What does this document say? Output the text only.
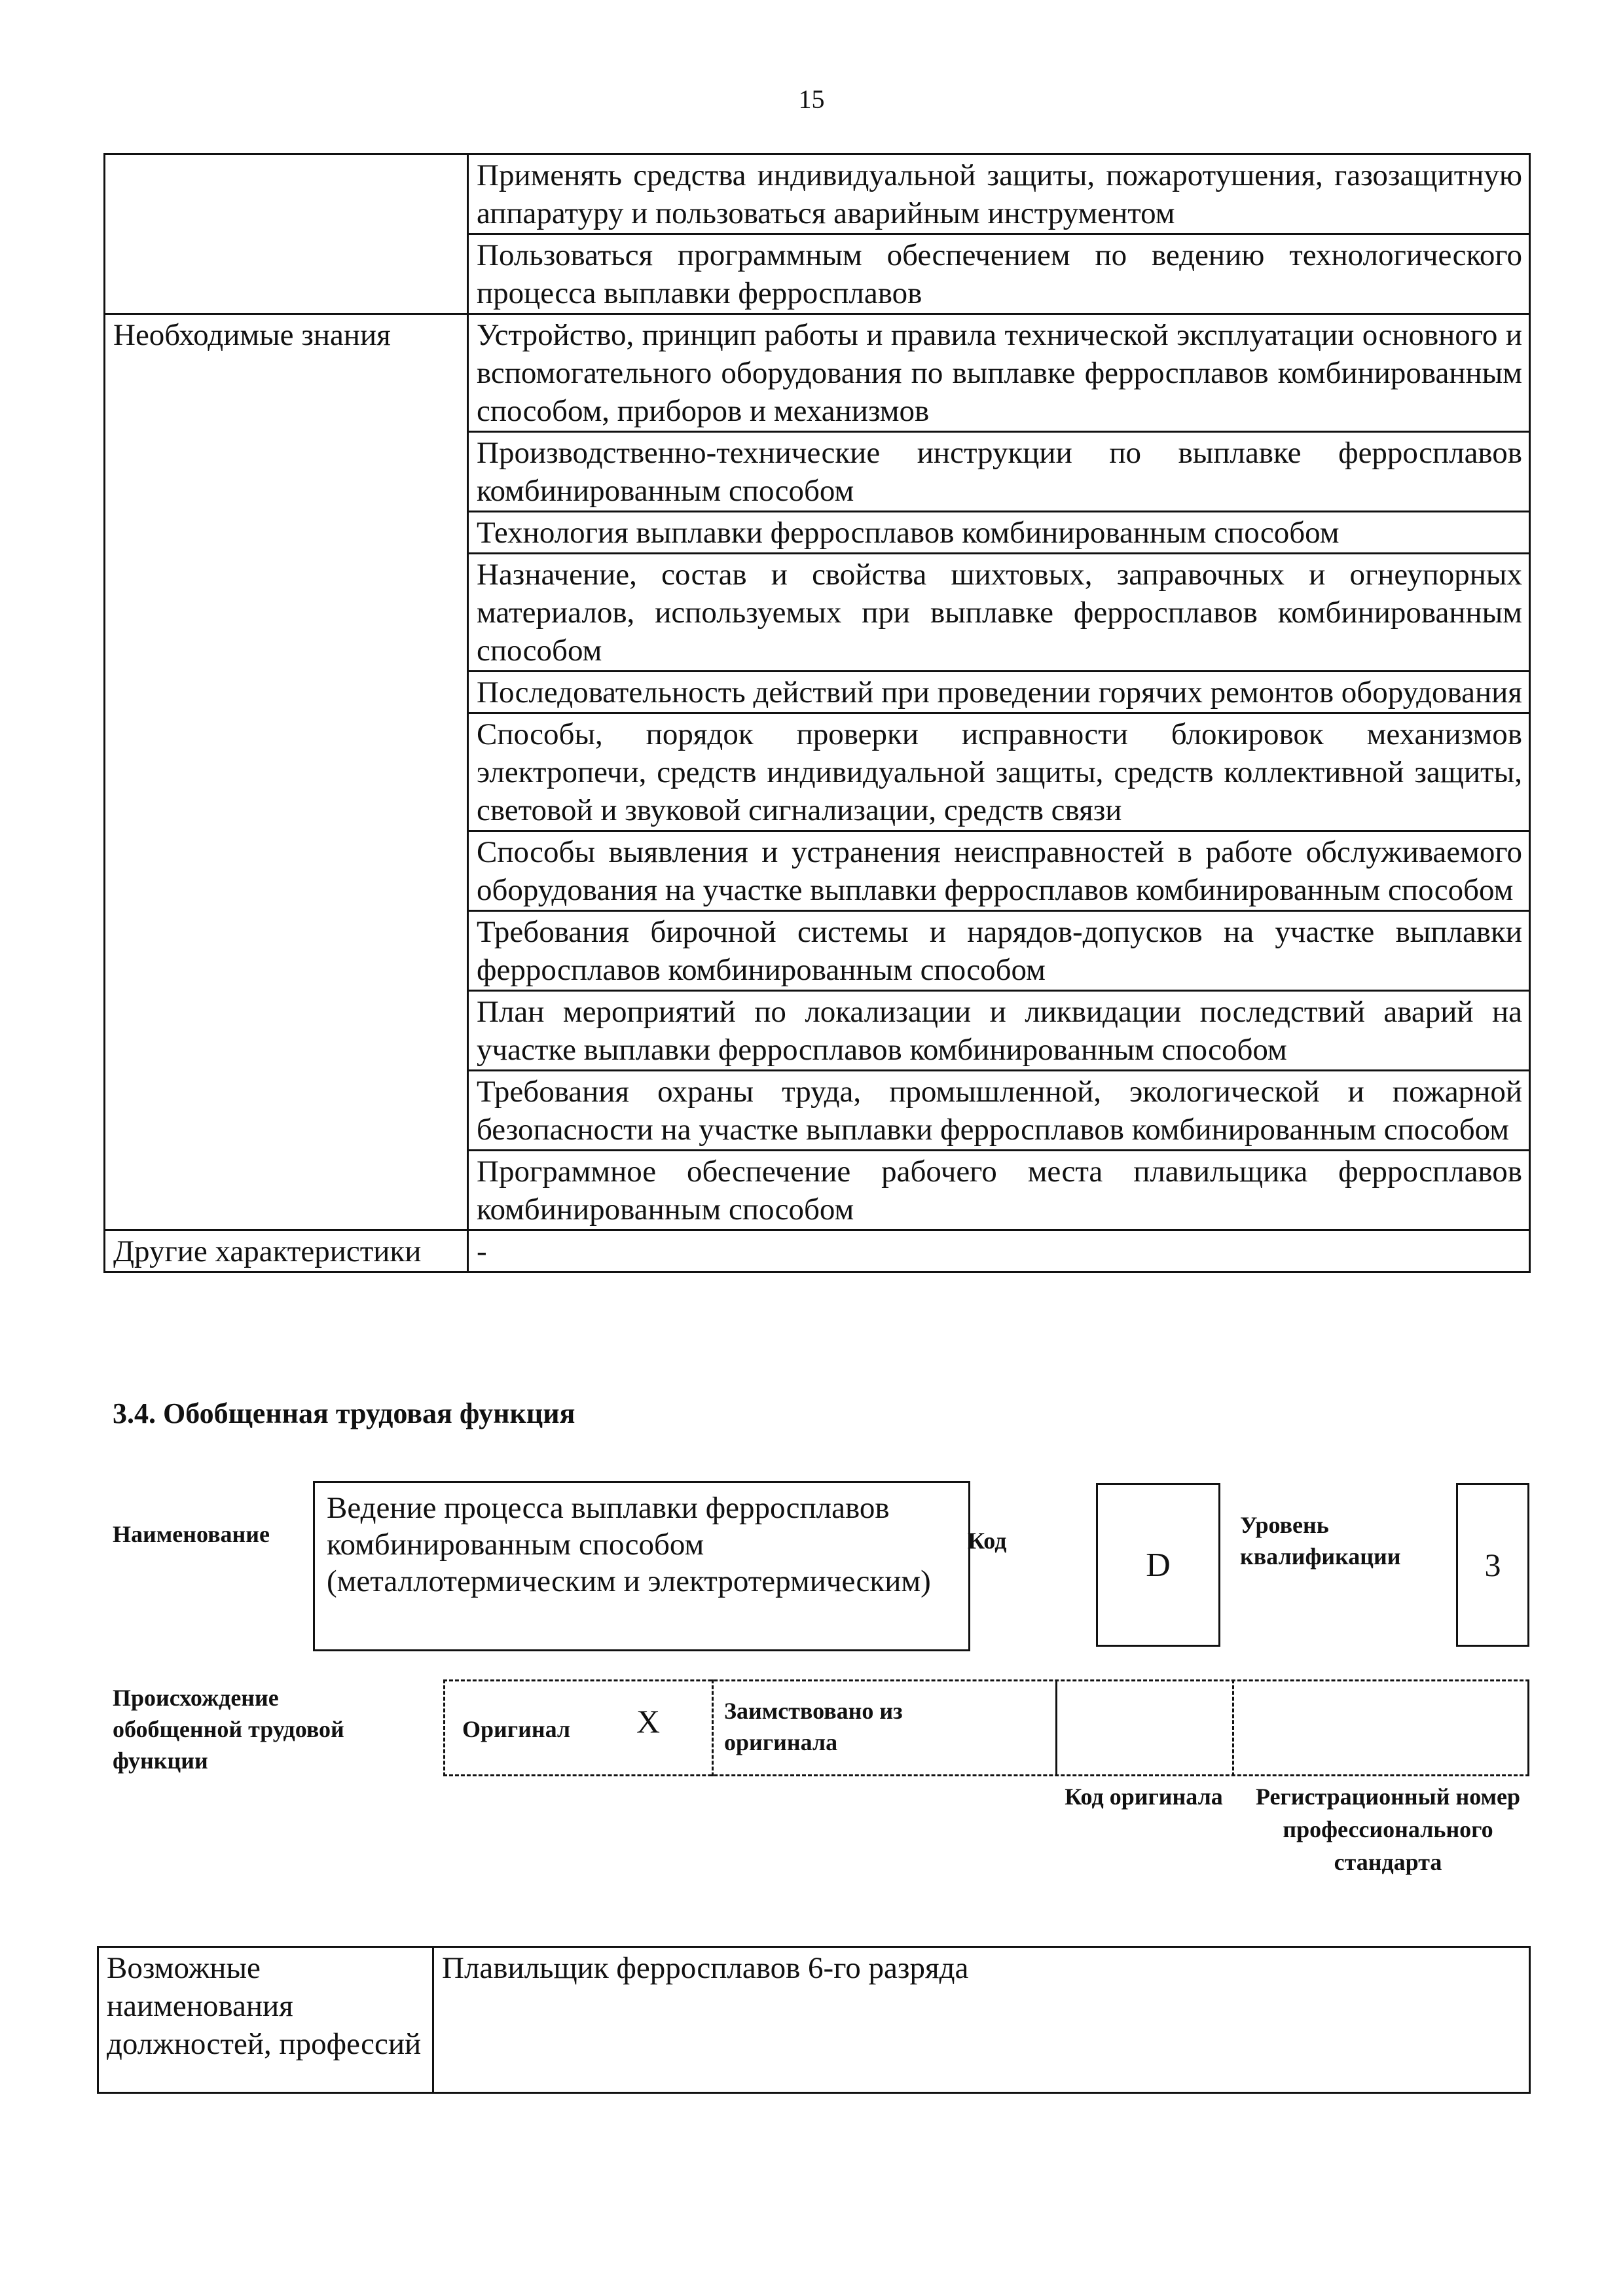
15
	Применять средства индивидуальной защиты, пожаротушения, газозащитную аппаратуру и пользоваться аварийным инструментом
	Пользоваться программным обеспечением по ведению технологического процесса выплавки ферросплавов
Необходимые знания	Устройство, принцип работы и правила технической эксплуатации основного и вспомогательного оборудования по выплавке ферросплавов комбинированным способом, приборов и механизмов
	Производственно-технические инструкции по выплавке ферросплавов комбинированным способом
	Технология выплавки ферросплавов комбинированным способом
	Назначение, состав и свойства шихтовых, заправочных и огнеупорных материалов, используемых при выплавке ферросплавов комбинированным способом
	Последовательность действий при проведении горячих ремонтов оборудования
	Способы, порядок проверки исправности блокировок механизмов электропечи, средств индивидуальной защиты, средств коллективной защиты, световой и звуковой сигнализации, средств связи
	Способы выявления и устранения неисправностей в работе обслуживаемого оборудования на участке выплавки ферросплавов комбинированным способом
	Требования бирочной системы и нарядов-допусков на участке выплавки ферросплавов комбинированным способом
	План мероприятий по локализации и ликвидации последствий аварий на участке выплавки ферросплавов комбинированным способом
	Требования охраны труда, промышленной, экологической и пожарной безопасности на участке выплавки ферросплавов комбинированным способом
	Программное обеспечение рабочего места плавильщика ферросплавов комбинированным способом
Другие характеристики	-
3.4. Обобщенная трудовая функция
Наименование
Ведение процесса выплавки ферросплавов комбинированным способом (металлотермическим и электротермическим)
Код
D
Уровень квалификации	3
Происхождение обобщенной трудовой функции
Оригинал X	Заимствовано из оригинала
Код оригинала	Регистрационный номер профессионального стандарта
Возможные наименования должностей, профессий	Плавильщик ферросплавов 6-го разряда
